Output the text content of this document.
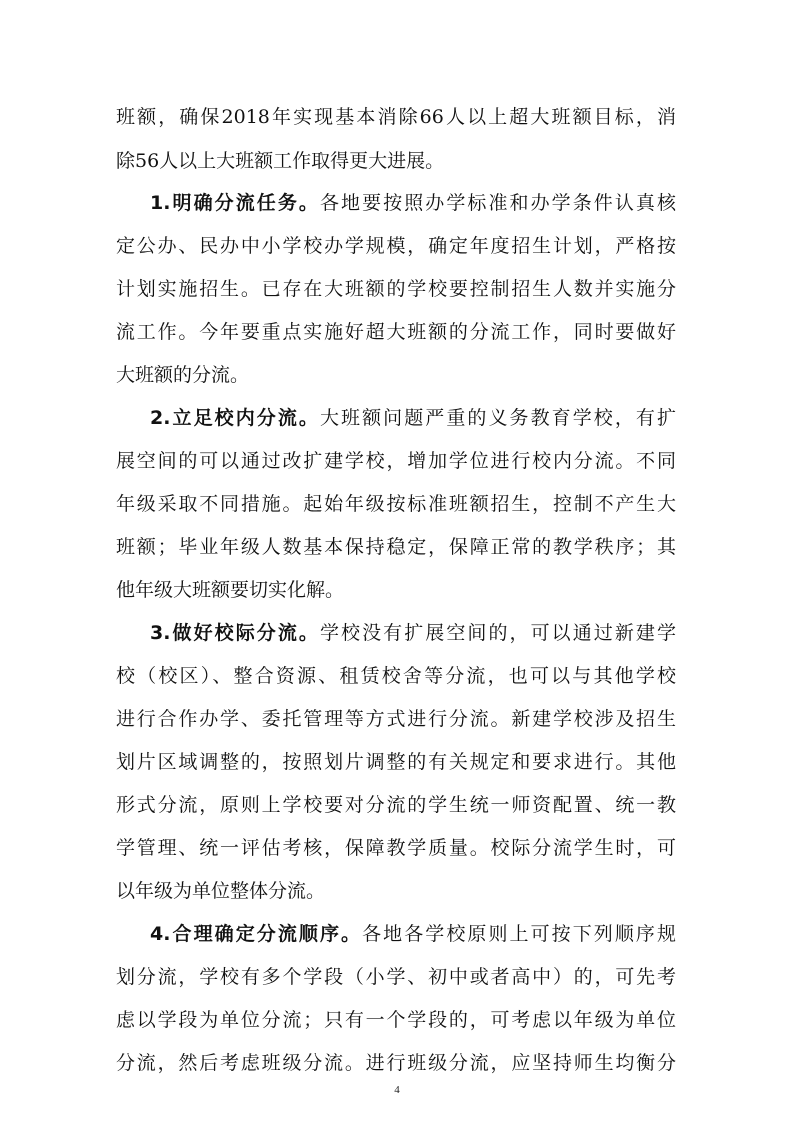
班额，确保2018年实现基本消除66人以上超大班额目标，消

除56人以上大班额工作取得更大进展。

1.明确分流任务。各地要按照办学标准和办学条件认真核

定公办、民办中小学校办学规模，确定年度招生计划，严格按

计划实施招生。已存在大班额的学校要控制招生人数并实施分

流工作。今年要重点实施好超大班额的分流工作，同时要做好

大班额的分流。

2.立足校内分流。大班额问题严重的义务教育学校，有扩

展空间的可以通过改扩建学校，增加学位进行校内分流。不同

年级采取不同措施。起始年级按标准班额招生，控制不产生大

班额；毕业年级人数基本保持稳定，保障正常的教学秩序；其

他年级大班额要切实化解。

3.做好校际分流。学校没有扩展空间的，可以通过新建学

校（校区）、整合资源、租赁校舍等分流，也可以与其他学校

进行合作办学、委托管理等方式进行分流。新建学校涉及招生

划片区域调整的，按照划片调整的有关规定和要求进行。其他

形式分流，原则上学校要对分流的学生统一师资配置、统一教

学管理、统一评估考核，保障教学质量。校际分流学生时，可

以年级为单位整体分流。

4.合理确定分流顺序。各地各学校原则上可按下列顺序规

划分流，学校有多个学段（小学、初中或者高中）的，可先考

虑以学段为单位分流；只有一个学段的，可考虑以年级为单位

分流，然后考虑班级分流。进行班级分流，应坚持师生均衡分

4
